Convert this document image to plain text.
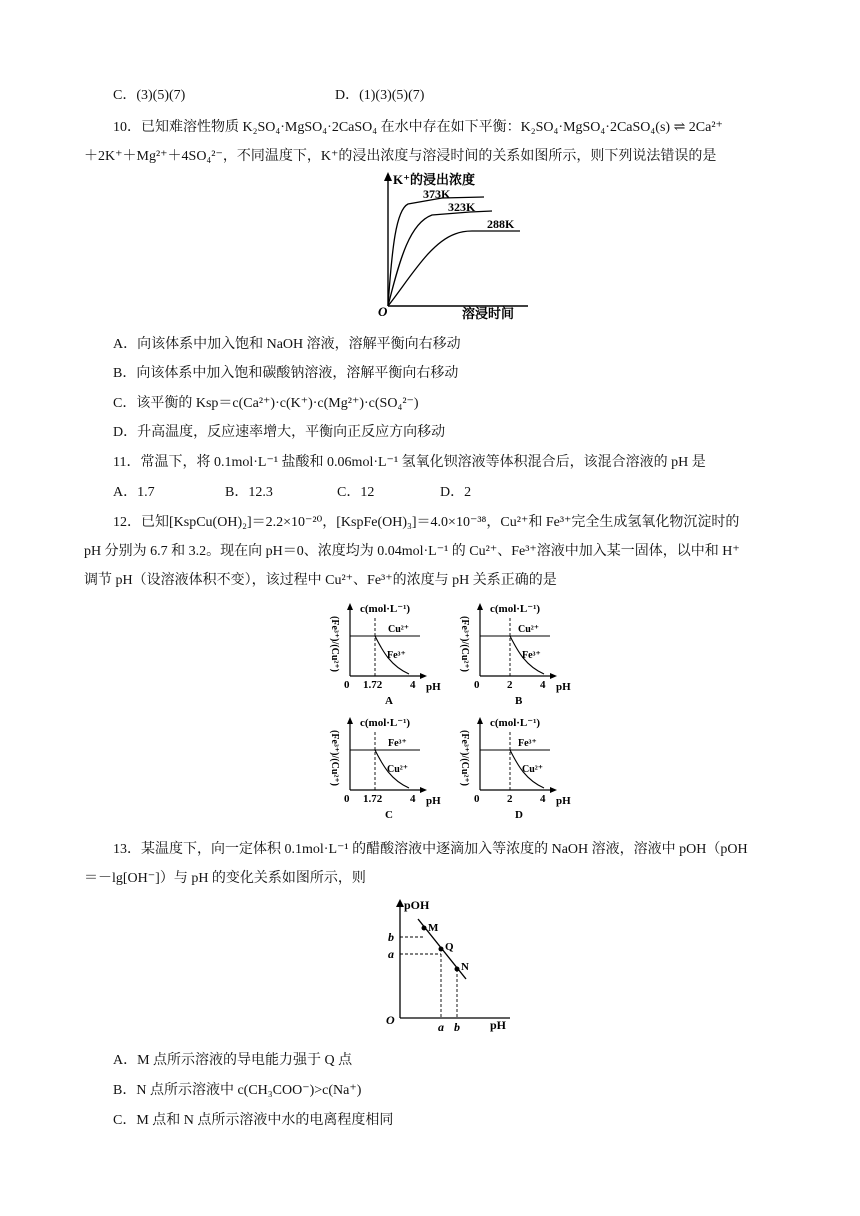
C．(3)(5)(7)	D．(1)(3)(5)(7)
10．已知难溶性物质 K₂SO₄·MgSO₄·2CaSO₄ 在水中存在如下平衡：K₂SO₄·MgSO₄·2CaSO₄(s) ⇌ 2Ca²⁺
＋2K⁺＋Mg²⁺＋4SO₄²⁻，不同温度下，K⁺的浸出浓度与溶浸时间的关系如图所示，则下列说法错误的是
K⁺的浸出浓度
373K
323K
288K
O	溶浸时间
A．向该体系中加入饱和 NaOH 溶液，溶解平衡向右移动
B．向该体系中加入饱和碳酸钠溶液，溶解平衡向右移动
C．该平衡的 Ksp＝c(Ca²⁺)·c(K⁺)·c(Mg²⁺)·c(SO₄²⁻)
D．升高温度，反应速率增大，平衡向正反应方向移动
11．常温下，将 0.1mol·L⁻¹ 盐酸和 0.06mol·L⁻¹ 氢氧化钡溶液等体积混合后，该混合溶液的 pH 是
A．1.7	B．12.3	C．12	D．2
12．已知[KspCu(OH)₂]＝2.2×10⁻²⁰，[KspFe(OH)₃]＝4.0×10⁻³⁸，Cu²⁺和 Fe³⁺完全生成氢氧化物沉淀时的
pH 分别为 6.7 和 3.2。现在向 pH＝0、浓度均为 0.04mol·L⁻¹ 的 Cu²⁺、Fe³⁺溶液中加入某一固体，以中和 H⁺
调节 pH（设溶液体积不变），该过程中 Cu²⁺、Fe³⁺的浓度与 pH 关系正确的是
c(mol·L⁻¹)
(Fe³⁺)/(Cu²⁺)	Cu²⁺
Fe³⁺
0 1.72	4 pH
A
c(mol·L⁻¹)
(Fe³⁺)/(Cu²⁺)	Cu²⁺
Fe³⁺
0	2	4 pH
B
c(mol·L⁻¹)
(Fe³⁺)/(Cu²⁺)	Fe³⁺
Cu²⁺
0 1.72	4 pH
C
c(mol·L⁻¹)
(Fe³⁺)/(Cu²⁺)	Fe³⁺
Cu²⁺
0	2	4 pH
D
13．某温度下，向一定体积 0.1mol·L⁻¹ 的醋酸溶液中逐滴加入等浓度的 NaOH 溶液，溶液中 pOH（pOH
＝－lg[OH⁻]）与 pH 的变化关系如图所示，则
pOH
b
a
M
Q
N
O	a b	pH
A．M 点所示溶液的导电能力强于 Q 点
B．N 点所示溶液中 c(CH₃COO⁻)>c(Na⁺)
C．M 点和 N 点所示溶液中水的电离程度相同
